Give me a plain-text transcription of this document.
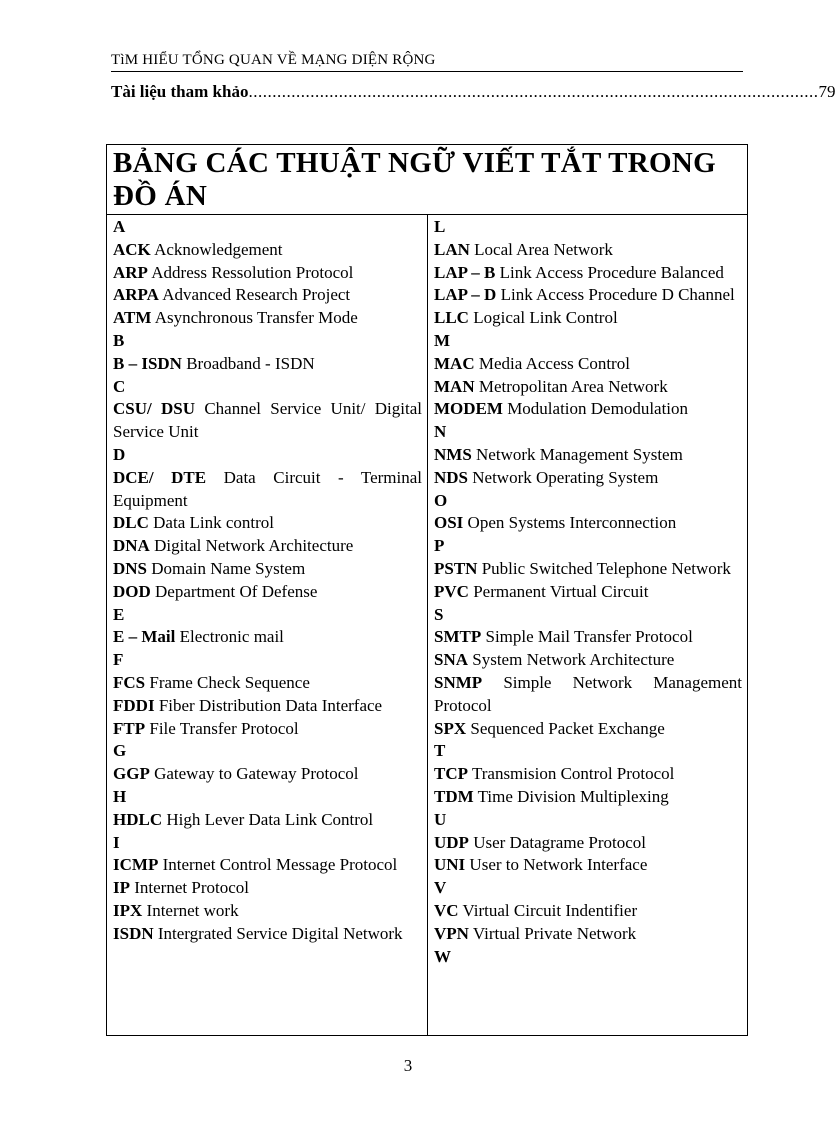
TìM HIỂU TỔNG QUAN VỀ MẠNG DIỆN RỘNG
Tài liệu tham khảo ........................................................................................................................ 79
BẢNG CÁC THUẬT NGỮ VIẾT TẮT TRONG ĐỒ ÁN
A
ACK Acknowledgement
ARP Address Ressolution Protocol
ARPA Advanced Research Project
ATM Asynchronous Transfer Mode
B
B – ISDN Broadband - ISDN
C
CSU/ DSU Channel Service Unit/ Digital Service Unit
D
DCE/ DTE Data Circuit - Terminal Equipment
DLC Data Link control
DNA Digital Network Architecture
DNS Domain Name System
DOD Department Of Defense
E
E – Mail Electronic mail
F
FCS Frame Check Sequence
FDDI Fiber Distribution Data Interface
FTP File Transfer Protocol
G
GGP Gateway to Gateway Protocol
H
HDLC High Lever Data Link Control
I
ICMP Internet Control Message Protocol
IP Internet Protocol
IPX Internet work
ISDN Intergrated Service Digital Network
L
LAN Local Area Network
LAP – B Link Access Procedure Balanced
LAP – D Link Access Procedure D Channel
LLC Logical Link Control
M
MAC Media Access Control
MAN Metropolitan Area Network
MODEM Modulation Demodulation
N
NMS Network Management System
NDS Network Operating System
O
OSI Open Systems Interconnection
P
PSTN Public Switched Telephone Network
PVC Permanent Virtual Circuit
S
SMTP Simple Mail Transfer Protocol
SNA System Network Architecture
SNMP Simple Network Management Protocol
SPX Sequenced Packet Exchange
T
TCP Transmision Control Protocol
TDM Time Division Multiplexing
U
UDP User Datagrame Protocol
UNI User to Network Interface
V
VC Virtual Circuit Indentifier
VPN Virtual Private Network
W
3
